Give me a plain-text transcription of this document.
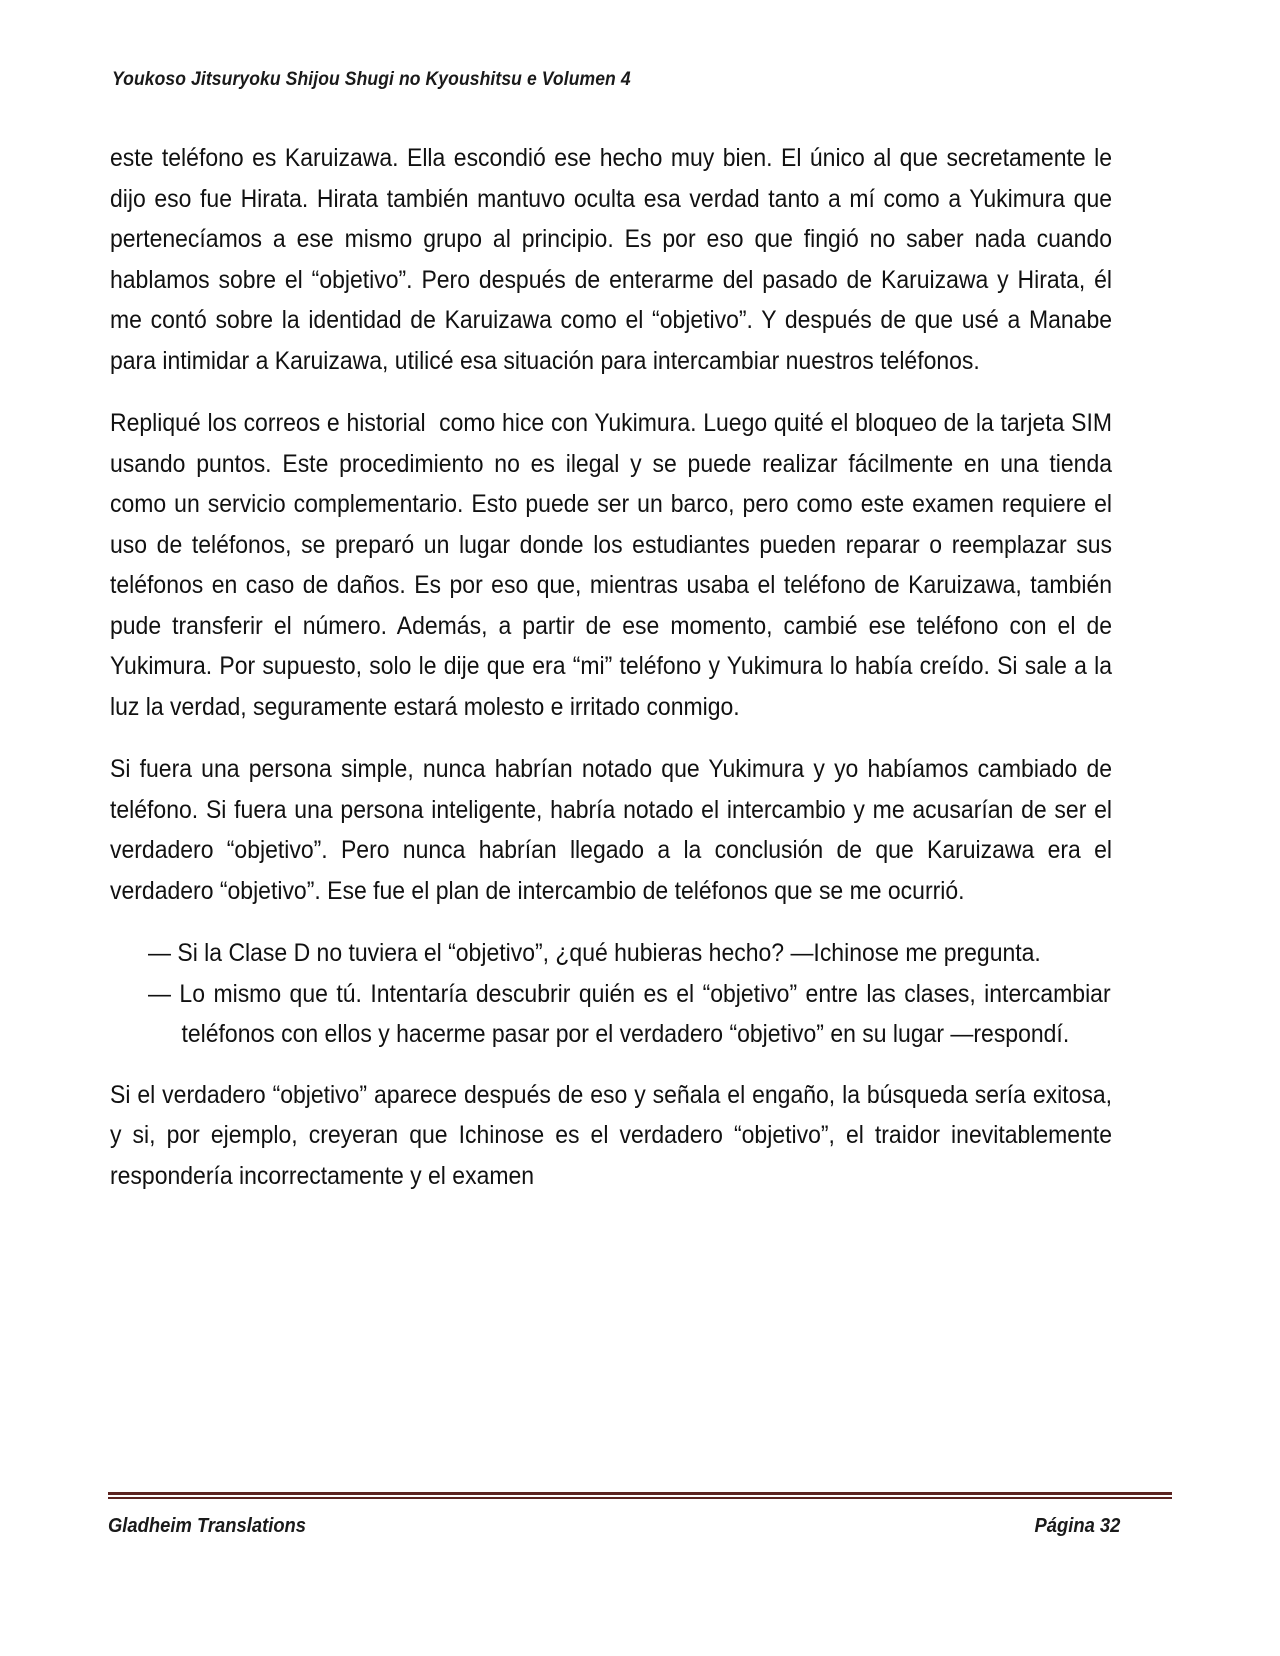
Youkoso Jitsuryoku Shijou Shugi no Kyoushitsu e Volumen 4

este teléfono es Karuizawa. Ella escondió ese hecho muy bien. El único al que secretamente le dijo eso fue Hirata. Hirata también mantuvo oculta esa verdad tanto a mí como a Yukimura que pertenecíamos a ese mismo grupo al principio. Es por eso que fingió no saber nada cuando hablamos sobre el “objetivo”. Pero después de enterarme del pasado de Karuizawa y Hirata, él me contó sobre la identidad de Karuizawa como el “objetivo”. Y después de que usé a Manabe para intimidar a Karuizawa, utilicé esa situación para intercambiar nuestros teléfonos.

Repliqué los correos e historial  como hice con Yukimura. Luego quité el bloqueo de la tarjeta SIM usando puntos. Este procedimiento no es ilegal y se puede realizar fácilmente en una tienda como un servicio complementario. Esto puede ser un barco, pero como este examen requiere el uso de teléfonos, se preparó un lugar donde los estudiantes pueden reparar o reemplazar sus teléfonos en caso de daños. Es por eso que, mientras usaba el teléfono de Karuizawa, también pude transferir el número. Además, a partir de ese momento, cambié ese teléfono con el de Yukimura. Por supuesto, solo le dije que era “mi” teléfono y Yukimura lo había creído. Si sale a la luz la verdad, seguramente estará molesto e irritado conmigo.

Si fuera una persona simple, nunca habrían notado que Yukimura y yo habíamos cambiado de teléfono. Si fuera una persona inteligente, habría notado el intercambio y me acusarían de ser el verdadero “objetivo”. Pero nunca habrían llegado a la conclusión de que Karuizawa era el verdadero “objetivo”. Ese fue el plan de intercambio de teléfonos que se me ocurrió.

— Si la Clase D no tuviera el “objetivo”, ¿qué hubieras hecho? —Ichinose me pregunta.

— Lo mismo que tú. Intentaría descubrir quién es el “objetivo” entre las clases, intercambiar teléfonos con ellos y hacerme pasar por el verdadero “objetivo” en su lugar —respondí.

Si el verdadero “objetivo” aparece después de eso y señala el engaño, la búsqueda sería exitosa, y si, por ejemplo, creyeran que Ichinose es el verdadero “objetivo”, el traidor inevitablemente respondería incorrectamente y el examen

Gladheim Translations	Página 32
